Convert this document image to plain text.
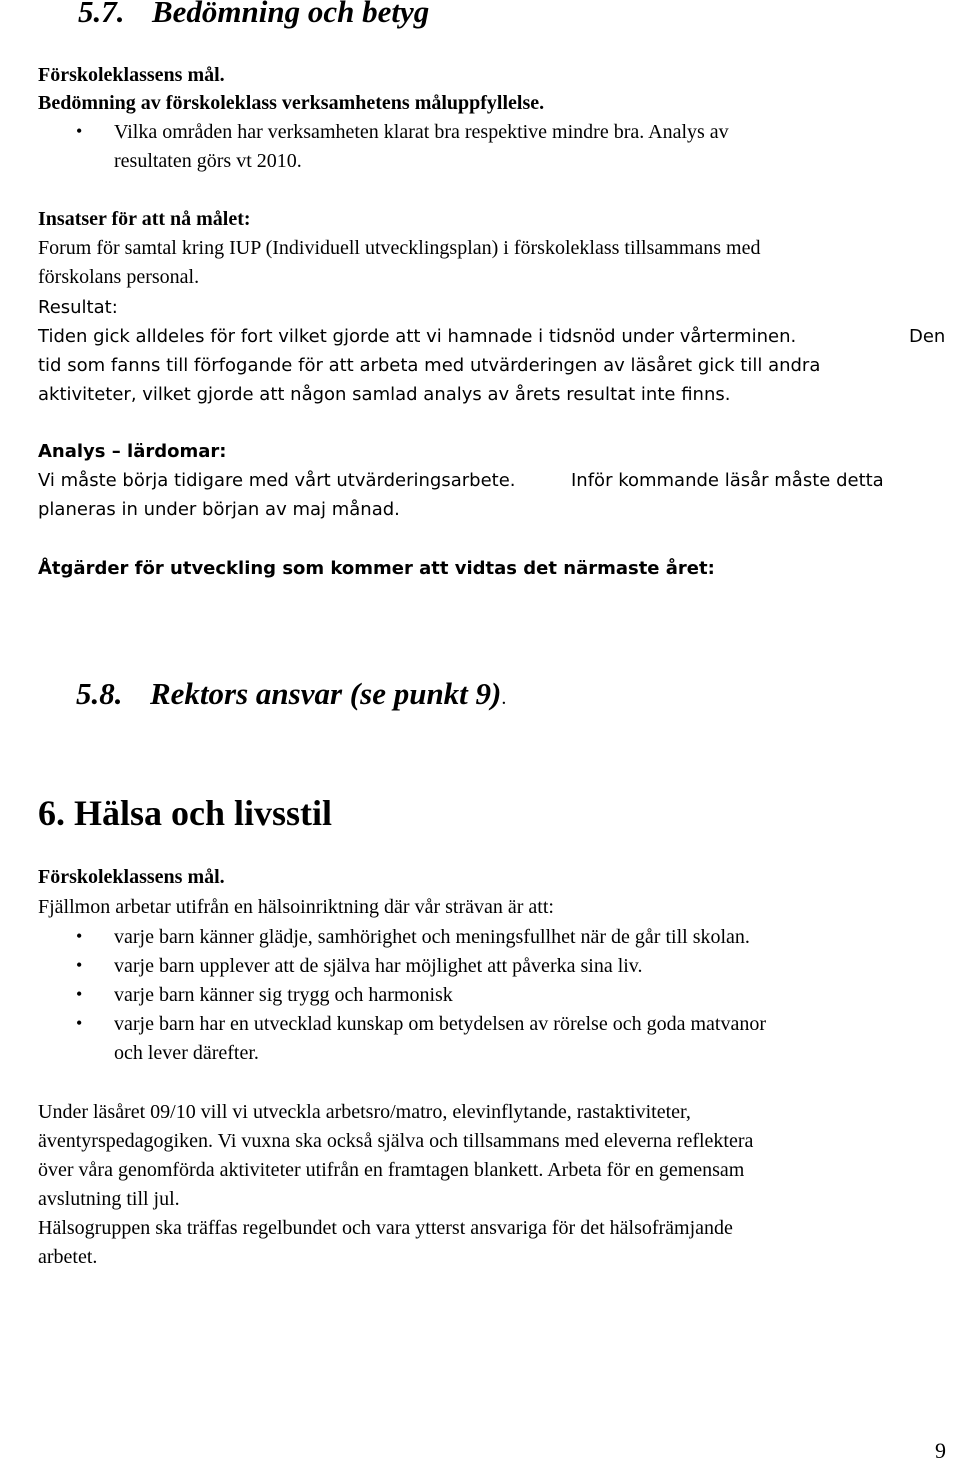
5.7. Bedömning och betyg
Förskoleklassens mål.
Bedömning av förskoleklass verksamhetens måluppfyllelse.
• Vilka områden har verksamheten klarat bra respektive mindre bra. Analys av
resultaten görs vt 2010.
Insatser för att nå målet:
Forum för samtal kring IUP (Individuell utvecklingsplan) i förskoleklass tillsammans med
förskolans personal.
Resultat:
Tiden gick alldeles för fort vilket gjorde att vi hamnade i tidsnöd under vårterminen.	Den
tid som fanns till förfogande för att arbeta med utvärderingen av läsåret gick till andra
aktiviteter, vilket gjorde att någon samlad analys av årets resultat inte finns.
Analys – lärdomar:
Vi måste börja tidigare med vårt utvärderingsarbete.	Inför kommande läsår måste detta
planeras in under början av maj månad.
Åtgärder för utveckling som kommer att vidtas det närmaste året:
5.8. Rektors ansvar (se punkt 9).
6. Hälsa och livsstil
Förskoleklassens mål.
Fjällmon arbetar utifrån en hälsoinriktning där vår strävan är att:
• varje barn känner glädje, samhörighet och meningsfullhet när de går till skolan.
• varje barn upplever att de själva har möjlighet att påverka sina liv.
• varje barn känner sig trygg och harmonisk
• varje barn har en utvecklad kunskap om betydelsen av rörelse och goda matvanor
och lever därefter.
Under läsåret 09/10 vill vi utveckla arbetsro/matro, elevinflytande, rastaktiviteter,
äventyrspedagogiken. Vi vuxna ska också själva och tillsammans med eleverna reflektera
över våra genomförda aktiviteter utifrån en framtagen blankett. Arbeta för en gemensam
avslutning till jul.
Hälsogruppen ska träffas regelbundet och vara ytterst ansvariga för det hälsofrämjande
arbetet.
9
